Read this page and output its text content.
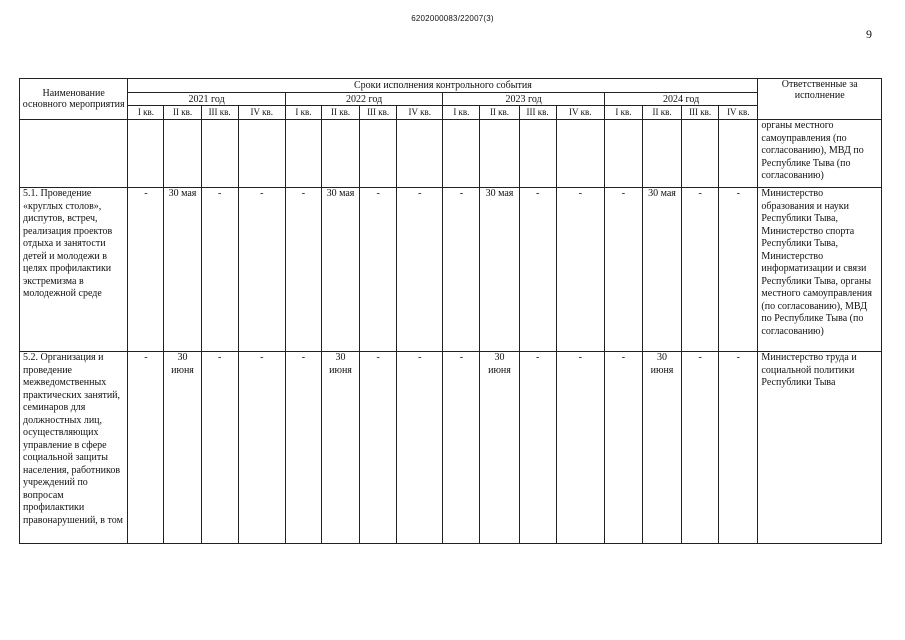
6202000083/22007(3)
9
Наименование основного мероприятия	Сроки исполнения контрольного события																Ответственные за исполнение
	2021 год				2022 год				2023 год				2024 год				
	I кв.	II кв.	III кв.	IV кв.	I кв.	II кв.	III кв.	IV кв.	I кв.	II кв.	III кв.	IV кв.	I кв.	II кв.	III кв.	IV кв.	
																	органы местного самоуправления (по согласованию), МВД по Республике Тыва (по согласованию)
5.1. Проведение «круглых столов», диспутов, встреч, реализация проектов отдыха и занятости детей и молодежи в целях профилактики экстремизма в молодежной среде	-	30 мая	-	-	-	30 мая	-	-	-	30 мая	-	-	-	30 мая	-	-	Министерство образования и науки Республики Тыва, Министерство спорта Республики Тыва, Министерство информатизации и связи Республики Тыва, органы местного самоуправления (по согласованию), МВД по Республике Тыва (по согласованию)
5.2. Организация и проведение межведомственных практических занятий, семинаров для должностных лиц, осуществляющих управление в сфере социальной защиты населения, работников учреждений по вопросам профилактики правонарушений, в том	-	30 июня	-	-	-	30 июня	-	-	-	30 июня	-	-	-	30 июня	-	-	Министерство труда и социальной политики Республики Тыва
